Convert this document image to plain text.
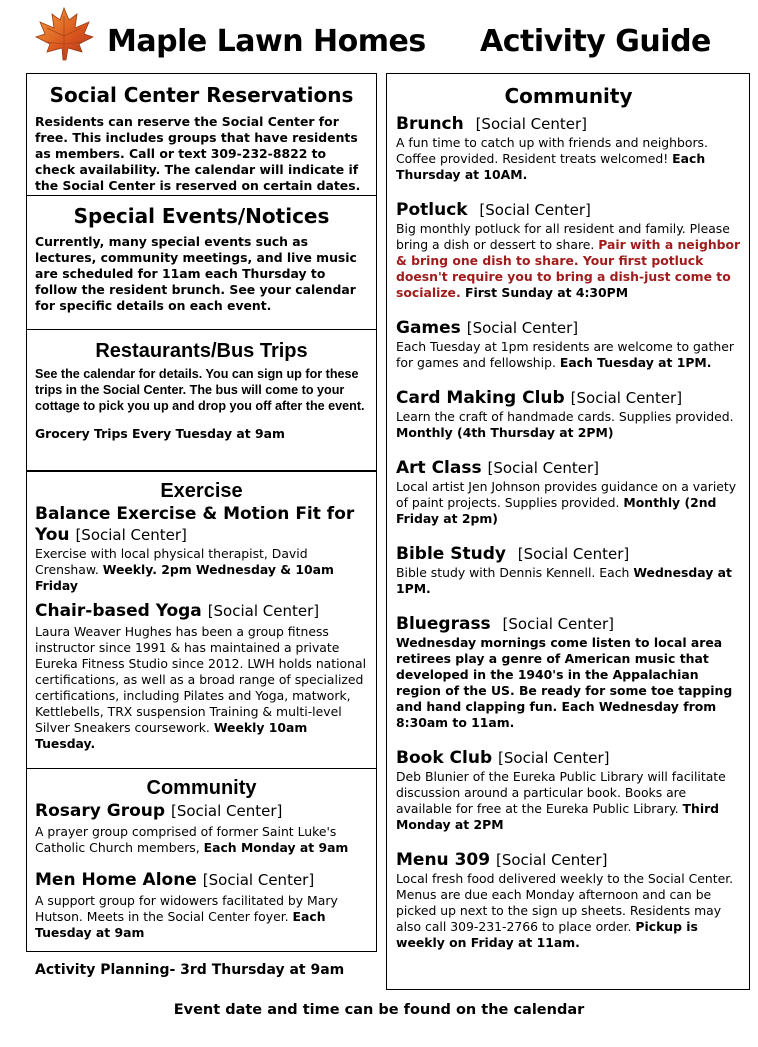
Maple Lawn Homes Activity Guide
Social Center Reservations
Residents can reserve the Social Center for free. This includes groups that have residents as members. Call or text 309-232-8822 to check availability. The calendar will indicate if the Social Center is reserved on certain dates.
Special Events/Notices
Currently, many special events such as lectures, community meetings, and live music are scheduled for 11am each Thursday to follow the resident brunch. See your calendar for specific details on each event.
Restaurants/Bus Trips
See the calendar for details. You can sign up for these trips in the Social Center. The bus will come to your cottage to pick you up and drop you off after the event.
Grocery Trips Every Tuesday at 9am
Exercise
Balance Exercise & Motion Fit for You [Social Center]
Exercise with local physical therapist, David Crenshaw. Weekly. 2pm Wednesday & 10am Friday
Chair-based Yoga [Social Center]
Laura Weaver Hughes has been a group fitness instructor since 1991 & has maintained a private Eureka Fitness Studio since 2012. LWH holds national certifications, as well as a broad range of specialized certifications, including Pilates and Yoga, matwork, Kettlebells, TRX suspension Training & multi-level Silver Sneakers coursework. Weekly 10am Tuesday.
Community
Rosary Group [Social Center]
A prayer group comprised of former Saint Luke's Catholic Church members, Each Monday at 9am
Men Home Alone [Social Center]
A support group for widowers facilitated by Mary Hutson. Meets in the Social Center foyer. Each Tuesday at 9am
Activity Planning- 3rd Thursday at 9am
Community
Brunch [Social Center]
A fun time to catch up with friends and neighbors. Coffee provided. Resident treats welcomed! Each Thursday at 10AM.
Potluck [Social Center]
Big monthly potluck for all resident and family. Please bring a dish or dessert to share. Pair with a neighbor & bring one dish to share. Your first potluck doesn't require you to bring a dish-just come to socialize. First Sunday at 4:30PM
Games [Social Center]
Each Tuesday at 1pm residents are welcome to gather for games and fellowship. Each Tuesday at 1PM.
Card Making Club [Social Center]
Learn the craft of handmade cards. Supplies provided. Monthly (4th Thursday at 2PM)
Art Class [Social Center]
Local artist Jen Johnson provides guidance on a variety of paint projects. Supplies provided. Monthly (2nd Friday at 2pm)
Bible Study [Social Center]
Bible study with Dennis Kennell. Each Wednesday at 1PM.
Bluegrass [Social Center]
Wednesday mornings come listen to local area retirees play a genre of American music that developed in the 1940's in the Appalachian region of the US. Be ready for some toe tapping and hand clapping fun. Each Wednesday from 8:30am to 11am.
Book Club [Social Center]
Deb Blunier of the Eureka Public Library will facilitate discussion around a particular book. Books are available for free at the Eureka Public Library. Third Monday at 2PM
Menu 309 [Social Center]
Local fresh food delivered weekly to the Social Center. Menus are due each Monday afternoon and can be picked up next to the sign up sheets. Residents may also call 309-231-2766 to place order. Pickup is weekly on Friday at 11am.
Event date and time can be found on the calendar
